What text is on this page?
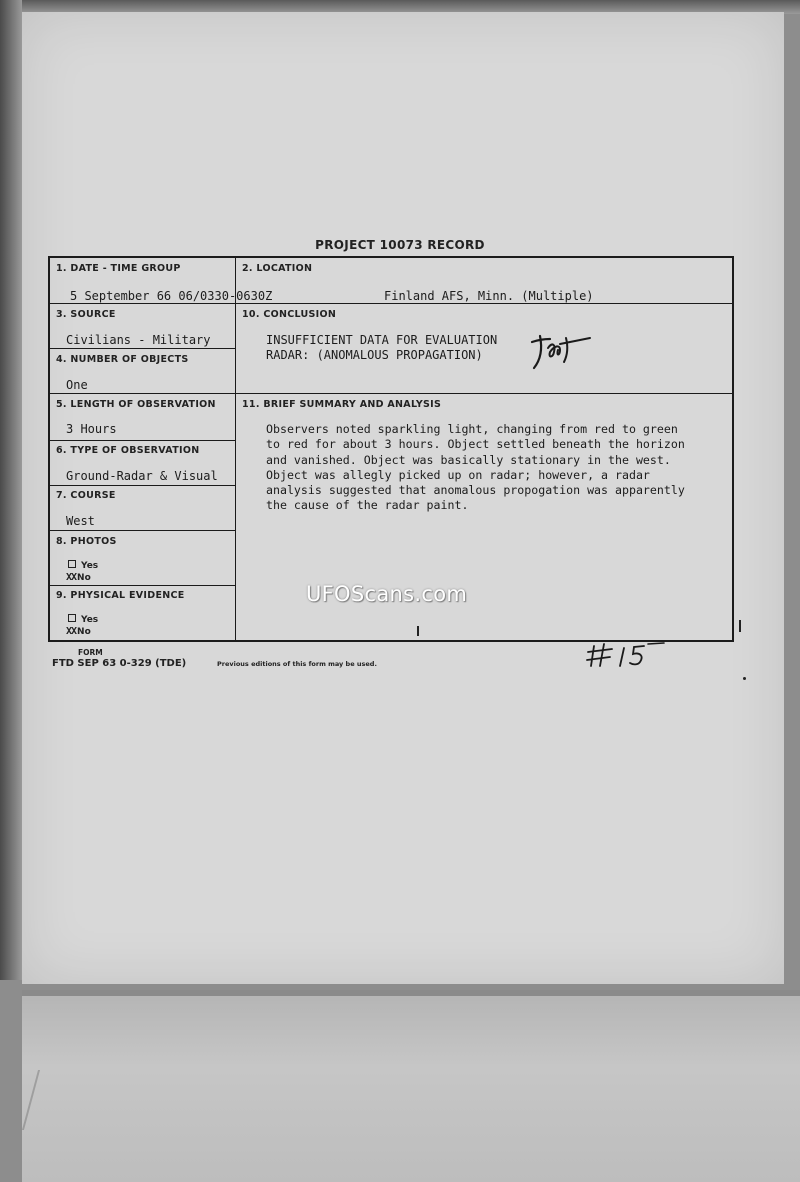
PROJECT 10073 RECORD
1. DATE - TIME GROUP
5 September 66 06/0330-0630Z
2. LOCATION
Finland AFS, Minn. (Multiple)
3. SOURCE
Civilians - Military
10. CONCLUSION
INSUFFICIENT DATA FOR EVALUATION
RADAR: (ANOMALOUS PROPAGATION)
4. NUMBER OF OBJECTS
One
5. LENGTH OF OBSERVATION
3 Hours
11. BRIEF SUMMARY AND ANALYSIS
Observers noted sparkling light, changing from red to green
to red for about 3 hours. Object settled beneath the horizon
and vanished. Object was basically stationary in the west.
Object was allegly picked up on radar; however, a radar
analysis suggested that anomalous propogation was apparently
the cause of the radar paint.
6. TYPE OF OBSERVATION
Ground-Radar & Visual
7. COURSE
West
8. PHOTOS
Yes
XXNo
9. PHYSICAL EVIDENCE
Yes
XXNo
FORM
FTD SEP 63 0-329 (TDE)	Previous editions of this form may be used.
UFOScans.com
